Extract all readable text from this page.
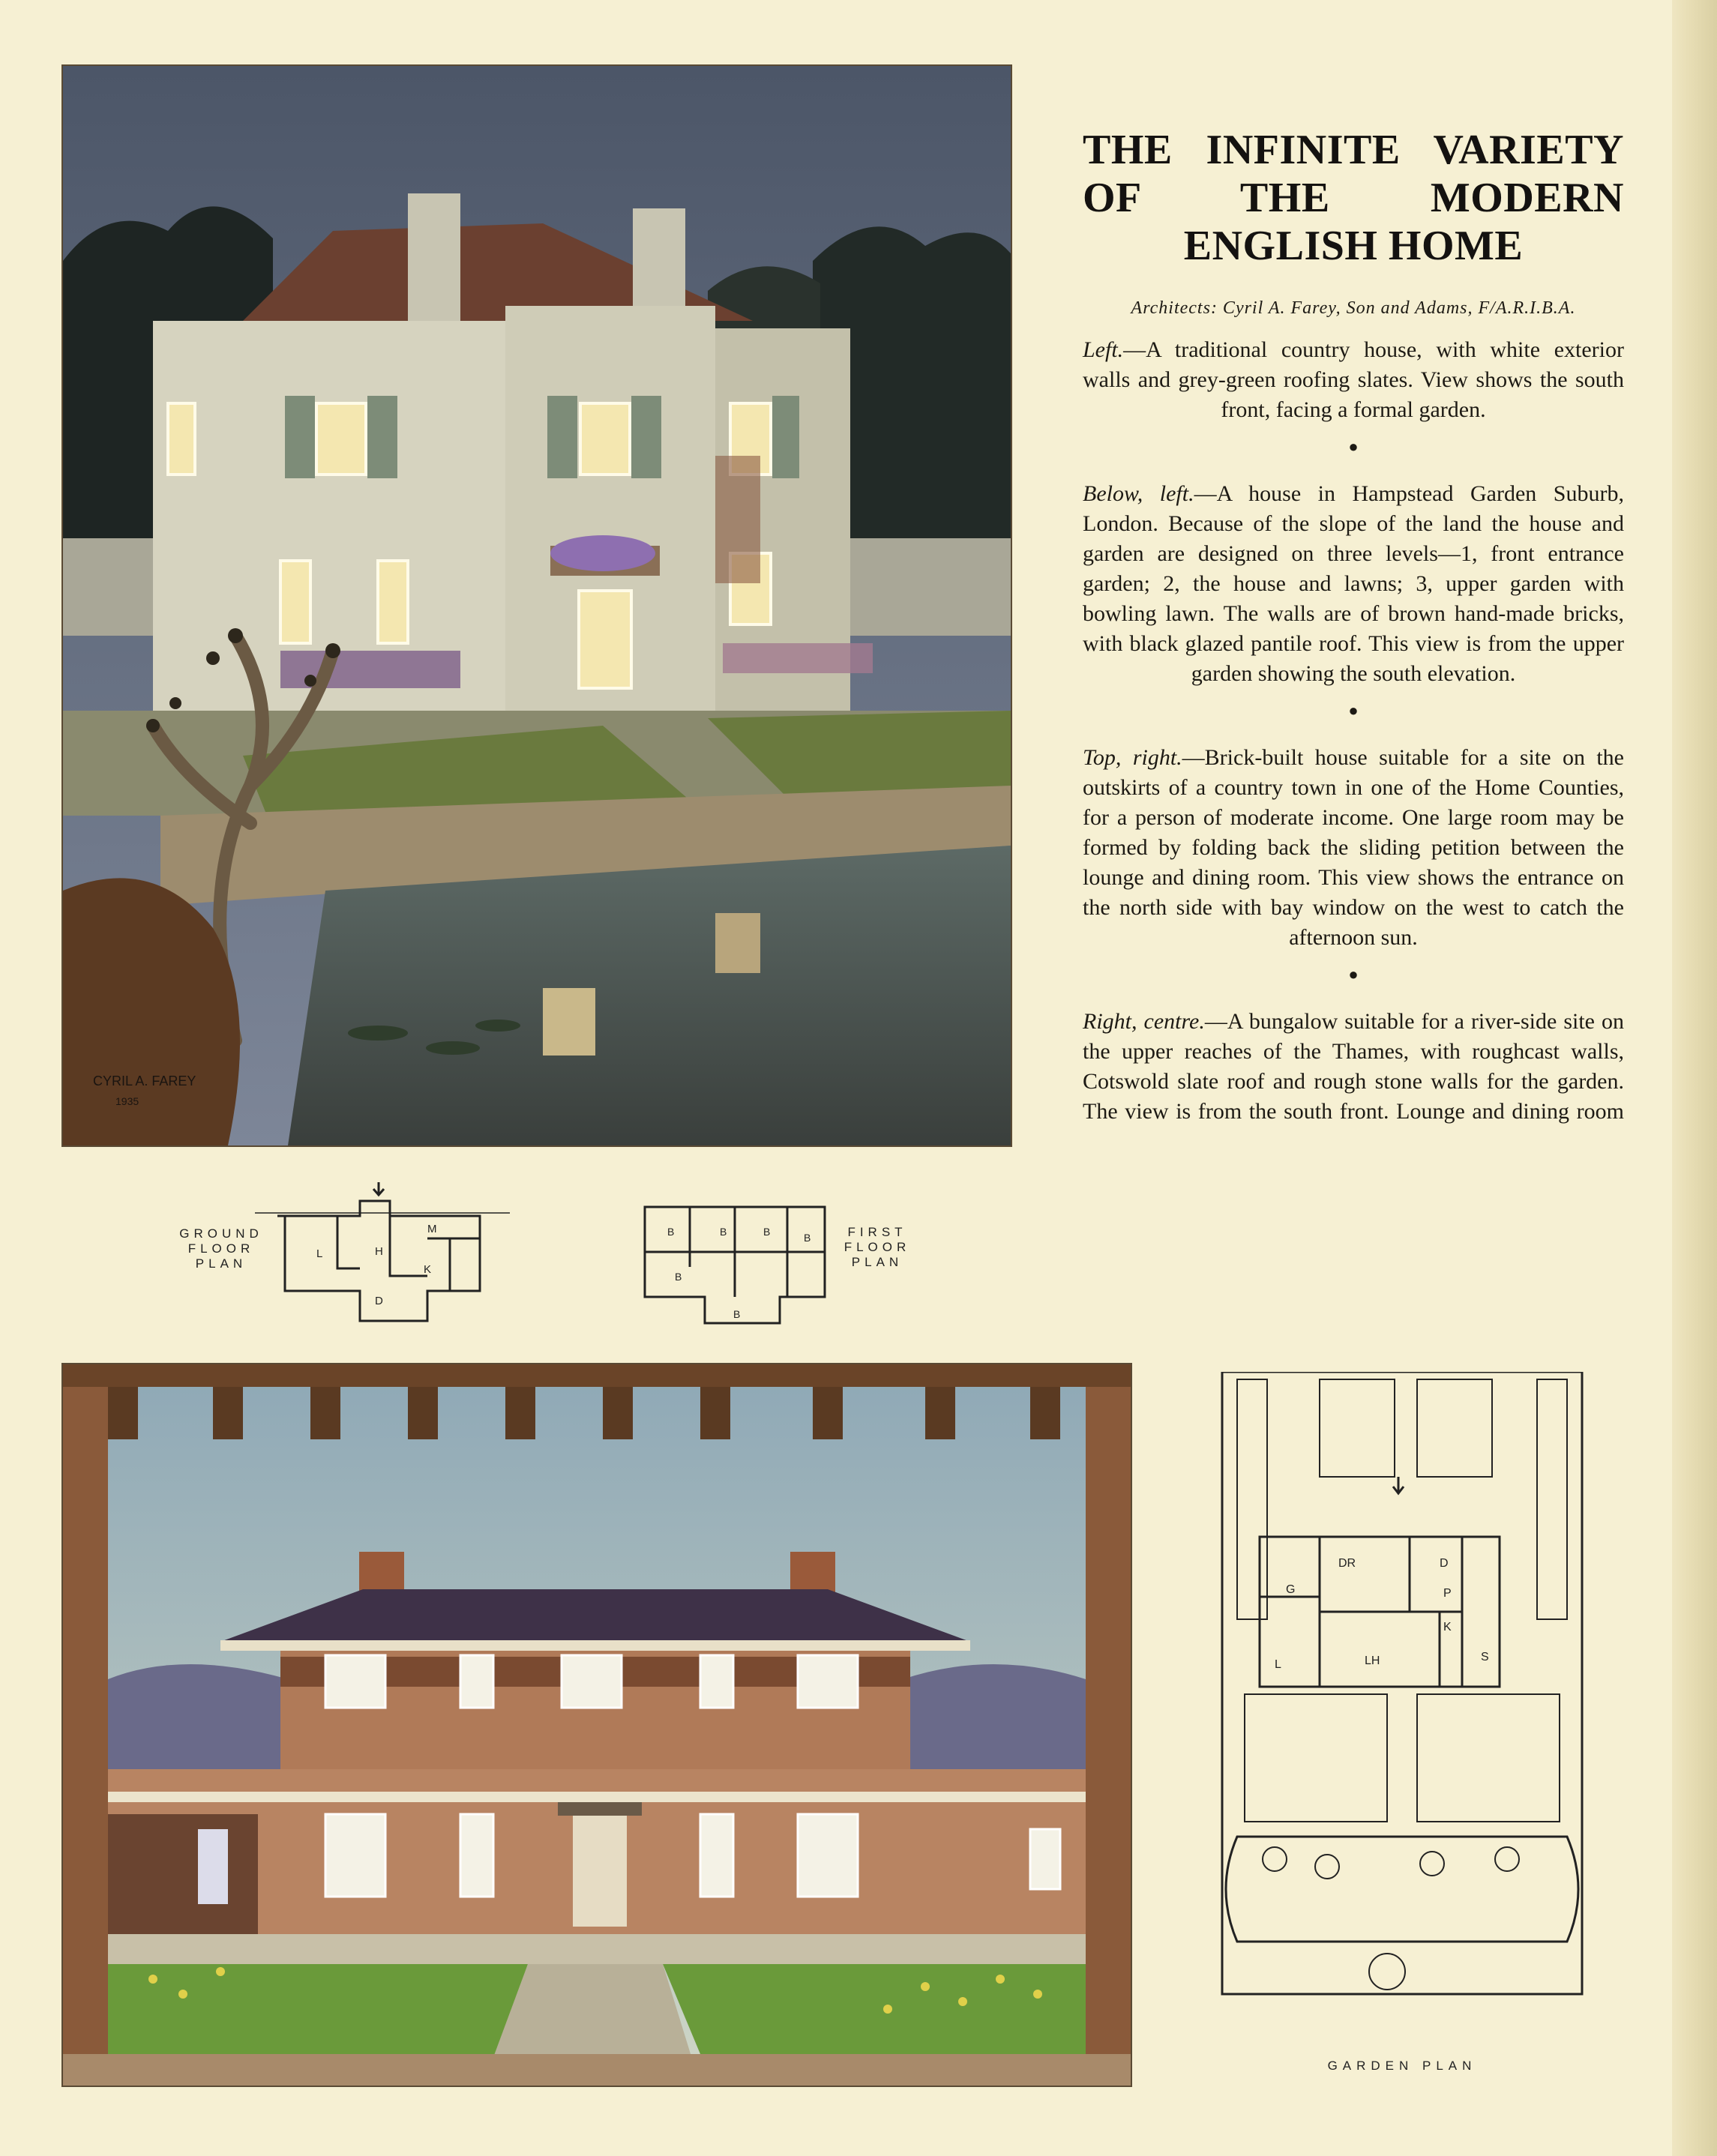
CYRIL A. FAREY
1935
GROUND FLOOR PLAN
L	H
M
K
D
B	B	B	B
B
B
FIRST FLOOR PLAN
DR	D
G
LH
P
K
S
L
GARDEN PLAN
THE INFINITE VARIETY OF THE MODERN ENGLISH HOME
Architects: Cyril A. Farey, Son and Adams, F/A.R.I.B.A.

Left.—A traditional country house, with white exterior walls and grey-green roofing slates. View shows the south front, facing a formal garden.

●

Below, left.—A house in Hampstead Garden Suburb, London. Because of the slope of the land the house and garden are designed on three levels—1, front entrance garden; 2, the house and lawns; 3, upper garden with bowling lawn. The walls are of brown hand-made bricks, with black glazed pantile roof. This view is from the upper garden showing the south elevation.

●

Top, right.—Brick-built house suitable for a site on the outskirts of a country town in one of the Home Counties, for a person of moderate income. One large room may be formed by folding back the sliding petition between the lounge and dining room. This view shows the entrance on the north side with bay window on the west to catch the afternoon sun.

●

Right, centre.—A bungalow suitable for a river-side site on the upper reaches of the Thames, with roughcast walls, Cotswold slate roof and rough stone walls for the garden. The view is from the south front. Lounge and dining room
